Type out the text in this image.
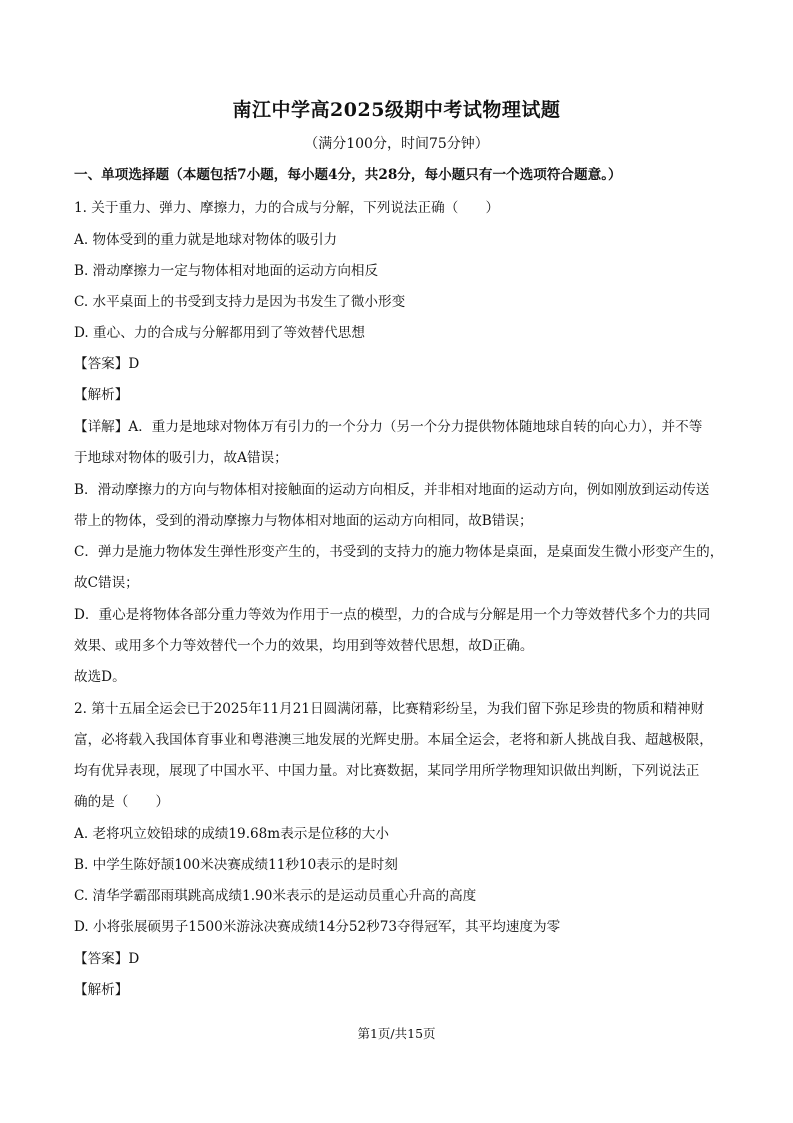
南江中学高2025级期中考试物理试题
（满分100分，时间75分钟）
一、单项选择题（本题包括7小题，每小题4分，共28分，每小题只有一个选项符合题意。）
1. 关于重力、弹力、摩擦力，力的合成与分解，下列说法正确（　　）
A. 物体受到的重力就是地球对物体的吸引力
B. 滑动摩擦力一定与物体相对地面的运动方向相反
C. 水平桌面上的书受到支持力是因为书发生了微小形变
D. 重心、力的合成与分解都用到了等效替代思想
【答案】D
【解析】
【详解】A．重力是地球对物体万有引力的一个分力（另一个分力提供物体随地球自转的向心力），并不等
于地球对物体的吸引力，故A错误；
B．滑动摩擦力的方向与物体相对接触面的运动方向相反，并非相对地面的运动方向，例如刚放到运动传送
带上的物体，受到的滑动摩擦力与物体相对地面的运动方向相同，故B错误；
C．弹力是施力物体发生弹性形变产生的，书受到的支持力的施力物体是桌面，是桌面发生微小形变产生的，
故C错误；
D．重心是将物体各部分重力等效为作用于一点的模型，力的合成与分解是用一个力等效替代多个力的共同
效果、或用多个力等效替代一个力的效果，均用到等效替代思想，故D正确。
故选D。
2. 第十五届全运会已于2025年11月21日圆满闭幕，比赛精彩纷呈，为我们留下弥足珍贵的物质和精神财
富，必将载入我国体育事业和粤港澳三地发展的光辉史册。本届全运会，老将和新人挑战自我、超越极限，
均有优异表现，展现了中国水平、中国力量。对比赛数据，某同学用所学物理知识做出判断，下列说法正
确的是（　　）
A. 老将巩立姣铅球的成绩19.68m表示是位移的大小
B. 中学生陈妤颉100米决赛成绩11秒10表示的是时刻
C. 清华学霸邵雨琪跳高成绩1.90米表示的是运动员重心升高的高度
D. 小将张展硕男子1500米游泳决赛成绩14分52秒73夺得冠军，其平均速度为零
【答案】D
【解析】
第1页/共15页
